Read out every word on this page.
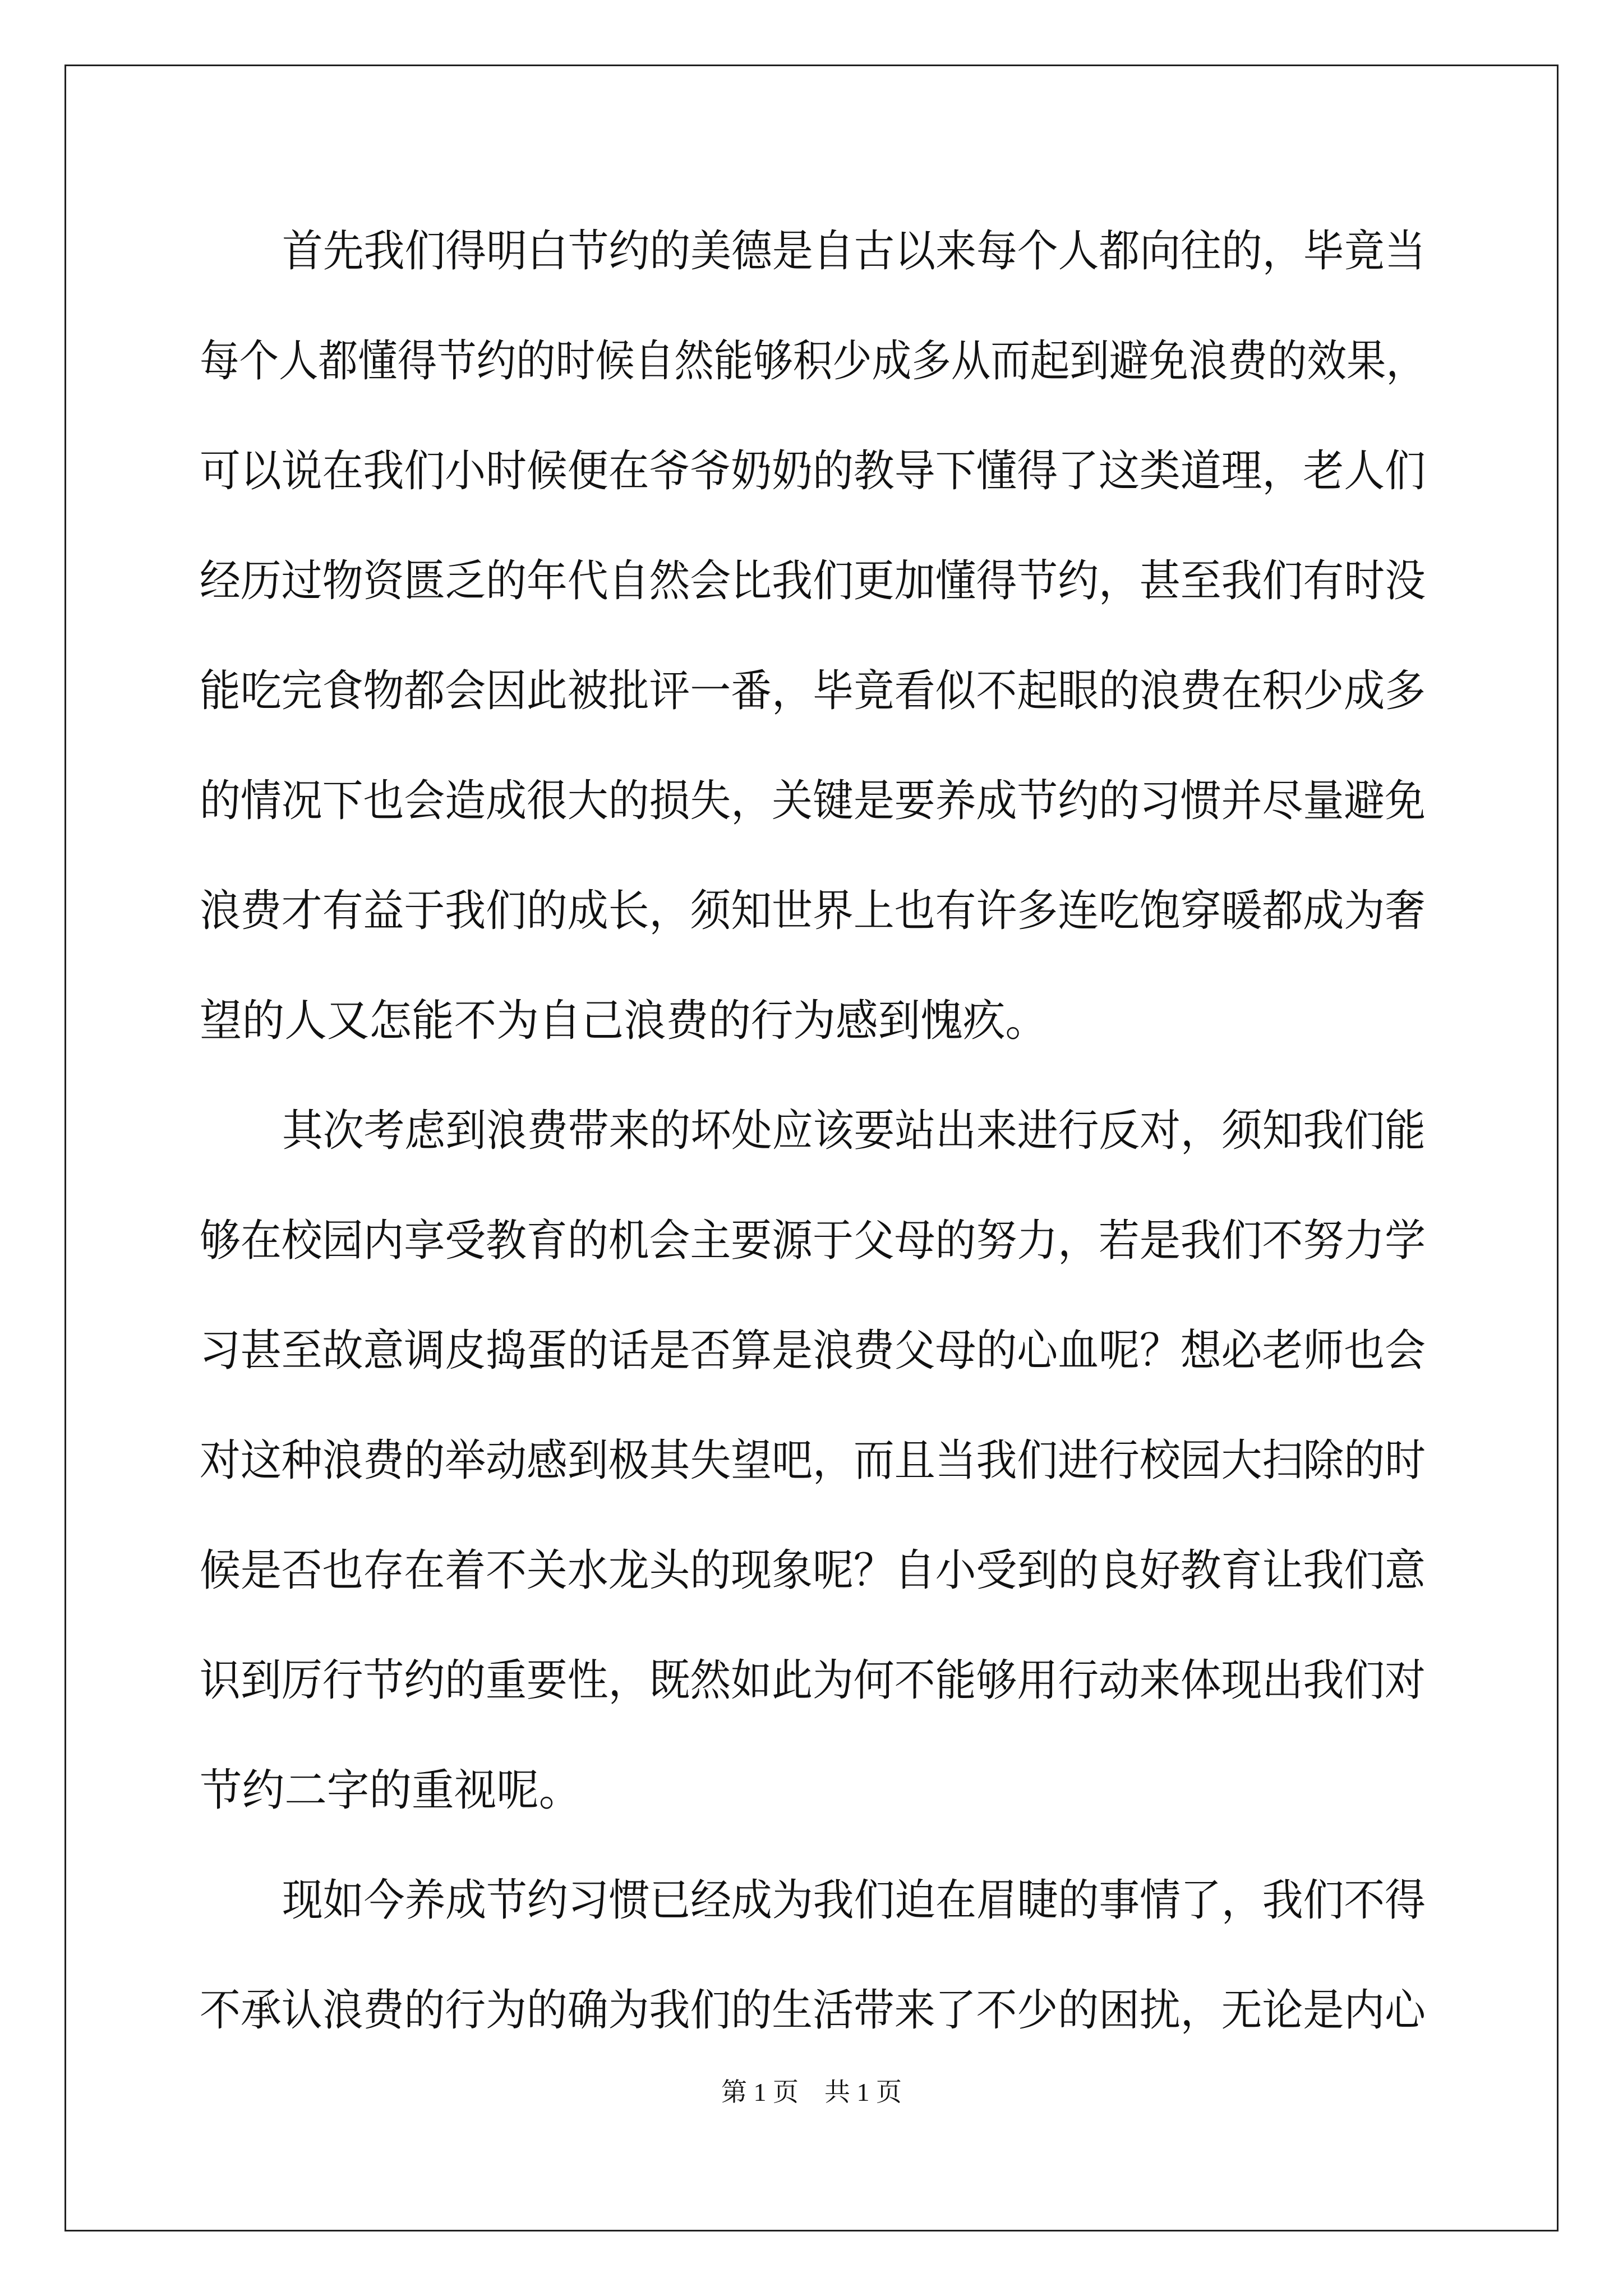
首先我们得明白节约的美德是自古以来每个人都向往的，毕竟当

每个人都懂得节约的时候自然能够积少成多从而起到避免浪费的效果，

可以说在我们小时候便在爷爷奶奶的教导下懂得了这类道理，老人们

经历过物资匮乏的年代自然会比我们更加懂得节约，甚至我们有时没

能吃完食物都会因此被批评一番，毕竟看似不起眼的浪费在积少成多

的情况下也会造成很大的损失，关键是要养成节约的习惯并尽量避免

浪费才有益于我们的成长，须知世界上也有许多连吃饱穿暖都成为奢

望的人又怎能不为自己浪费的行为感到愧疚。

其次考虑到浪费带来的坏处应该要站出来进行反对，须知我们能

够在校园内享受教育的机会主要源于父母的努力，若是我们不努力学

习甚至故意调皮捣蛋的话是否算是浪费父母的心血呢？想必老师也会

对这种浪费的举动感到极其失望吧，而且当我们进行校园大扫除的时

候是否也存在着不关水龙头的现象呢？自小受到的良好教育让我们意

识到厉行节约的重要性，既然如此为何不能够用行动来体现出我们对

节约二字的重视呢。

现如今养成节约习惯已经成为我们迫在眉睫的事情了，我们不得

不承认浪费的行为的确为我们的生活带来了不少的困扰，无论是内心

第 1 页    共 1 页
